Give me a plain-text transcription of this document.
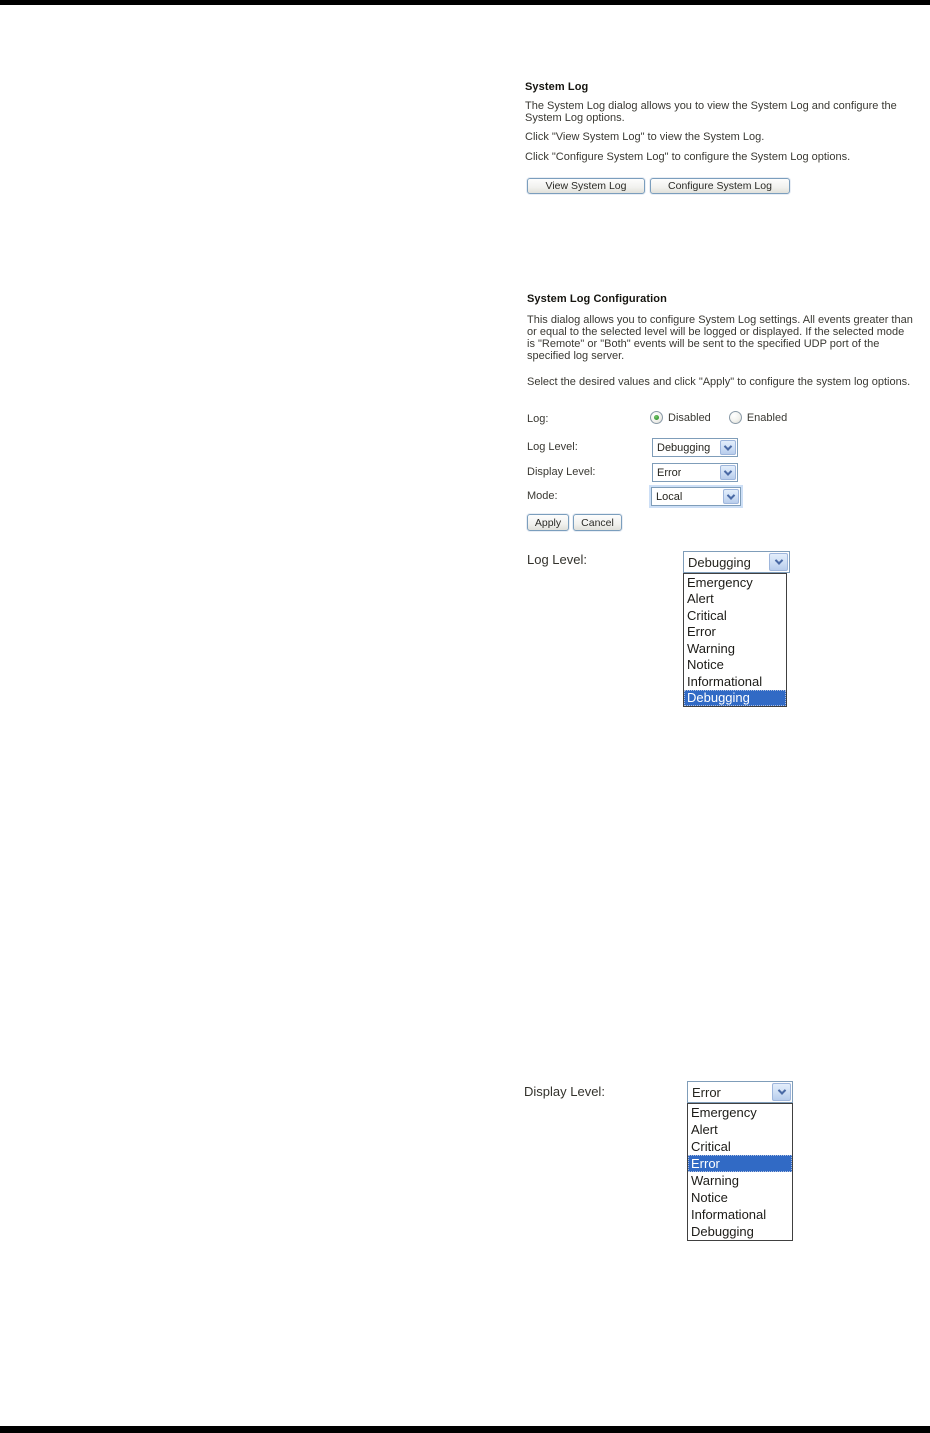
System Log
The System Log dialog allows you to view the System Log and configure the System Log options.
Click "View System Log" to view the System Log.
Click "Configure System Log" to configure the System Log options.
View System Log	Configure System Log
System Log Configuration
This dialog allows you to configure System Log settings. All events greater than or equal to the selected level will be logged or displayed. If the selected mode is "Remote" or "Both" events will be sent to the specified UDP port of the specified log server.
Select the desired values and click "Apply" to configure the system log options.
Log:	Disabled	Enabled
Log Level:	Debugging
Display Level:	Error
Mode:	Local
Apply	Cancel
Log Level:	Debugging
Emergency
Alert
Critical
Error
Warning
Notice
Informational
Debugging
Display Level:	Error
Emergency
Alert
Critical
Error
Warning
Notice
Informational
Debugging
